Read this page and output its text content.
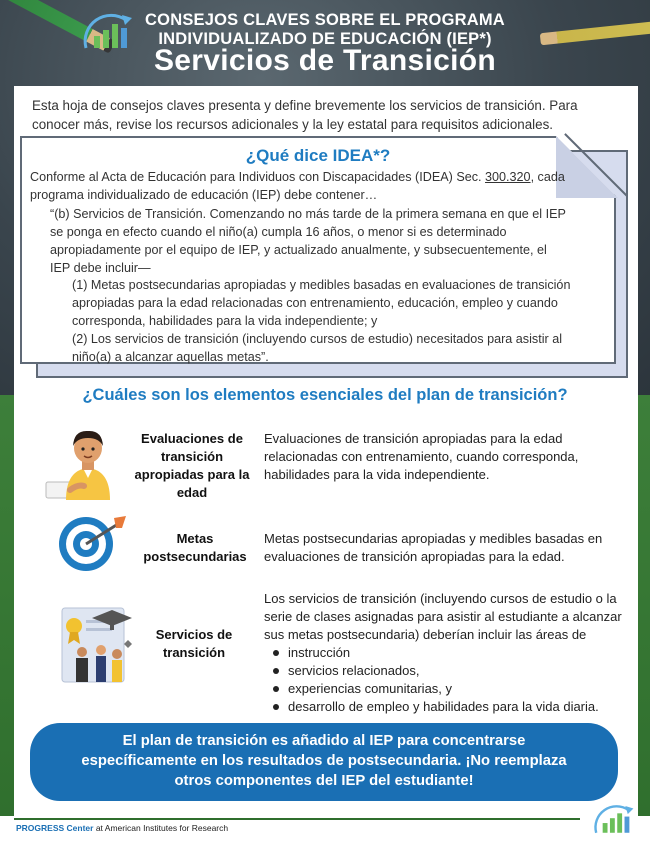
CONSEJOS CLAVES SOBRE EL PROGRAMA
INDIVIDUALIZADO DE EDUCACIÓN (IEP*)
Servicios de Transición

Esta hoja de consejos claves presenta y define brevemente los servicios de transición. Para conocer más, revise los recursos adicionales y la ley estatal para requisitos adicionales.

¿Qué dice IDEA*?

Conforme al Acta de Educación para Individuos con Discapacidades (IDEA) Sec. 300.320, cada programa individualizado de educación (IEP) debe contener…

“(b) Servicios de Transición. Comenzando no más tarde de la primera semana en que el IEP se ponga en efecto cuando el niño(a) cumpla 16 años, o menor si es determinado apropiadamente por el equipo de IEP, y actualizado anualmente, y subsecuentemente, el IEP debe incluir—

(1) Metas postsecundarias apropiadas y medibles basadas en evaluaciones de transición apropiadas para la edad relacionadas con entrenamiento, educación, empleo y cuando corresponda, habilidades para la vida independiente; y

(2) Los servicios de transición (incluyendo cursos de estudio) necesitados para asistir al niño(a) a alcanzar aquellas metas”.

¿Cuáles son los elementos esenciales del plan de transición?
Evaluaciones de transición apropiadas para la edad
Evaluaciones de transición apropiadas para la edad relacionadas con entrenamiento, cuando corresponda, habilidades para la vida independiente.
Metas postsecundarias
Metas postsecundarias apropiadas y medibles basadas en evaluaciones de transición apropiadas para la edad.
Servicios de transición
Los servicios de transición (incluyendo cursos de estudio o la serie de clases asignadas para asistir al estudiante a alcanzar sus metas postsecundaria) deberían incluir las áreas de
instrucción
servicios relacionados,
experiencias comunitarias, y
desarrollo de empleo y habilidades para la vida diaria.
El plan de transición es añadido al IEP para concentrarse
específicamente en los resultados de postsecundaria. ¡No reemplaza
otros componentes del IEP del estudiante!
PROGRESS Center at American Institutes for Research
